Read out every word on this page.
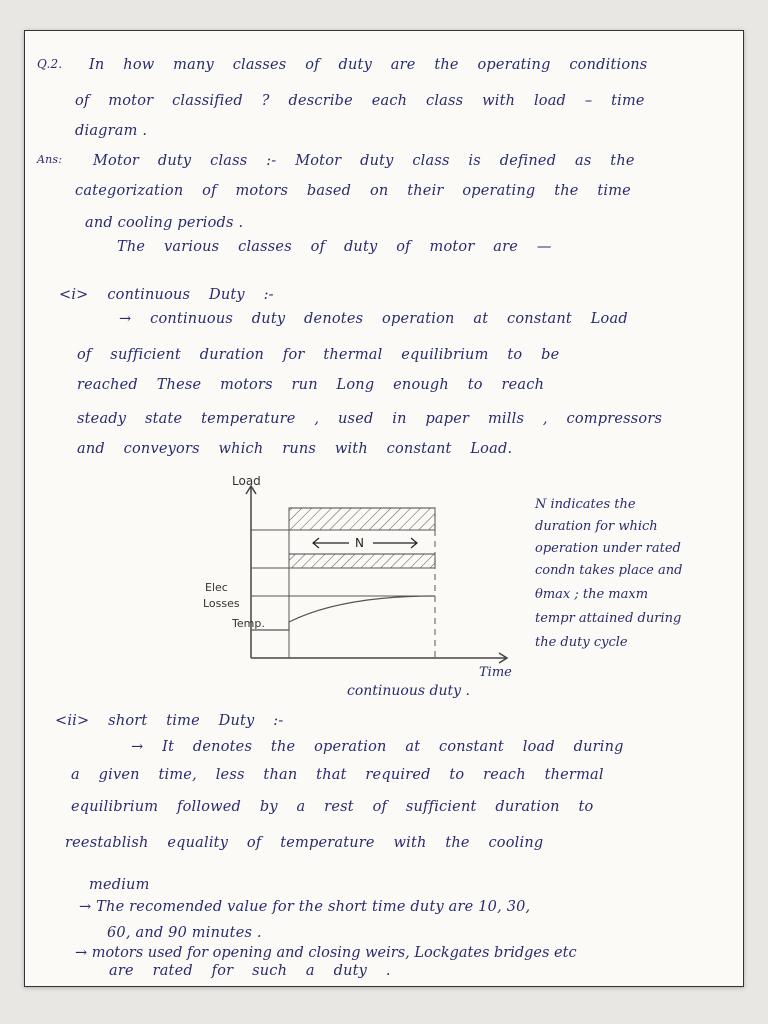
Q.2. In how many classes of duty are the operating conditions
of motor classified ? describe each class with load – time
diagram .
Ans: Motor duty class :- Motor duty class is defined as the
categorization of motors based on their operating the time
and cooling periods .
The various classes of duty of motor are —
<i> continuous Duty :-
→ continuous duty denotes operation at constant Load
of sufficient duration for thermal equilibrium to be
reached These motors run Long enough to reach
steady state temperature , used in paper mills , compressors
and conveyors which runs with constant Load.
Load
Elec
Losses
Temp.
N
Time
continuous duty .
N indicates the
duration for which
operation under rated
condn takes place and
θmax ; the maxm
tempr attained during
the duty cycle
<ii> short time Duty :-
→ It denotes the operation at constant load during
a given time, less than that required to reach thermal
equilibrium followed by a rest of sufficient duration to
reestablish equality of temperature with the cooling
medium
→ The recomended value for the short time duty are 10, 30,
60, and 90 minutes .
→ motors used for opening and closing weirs, Lockgates bridges etc
are rated for such a duty .
